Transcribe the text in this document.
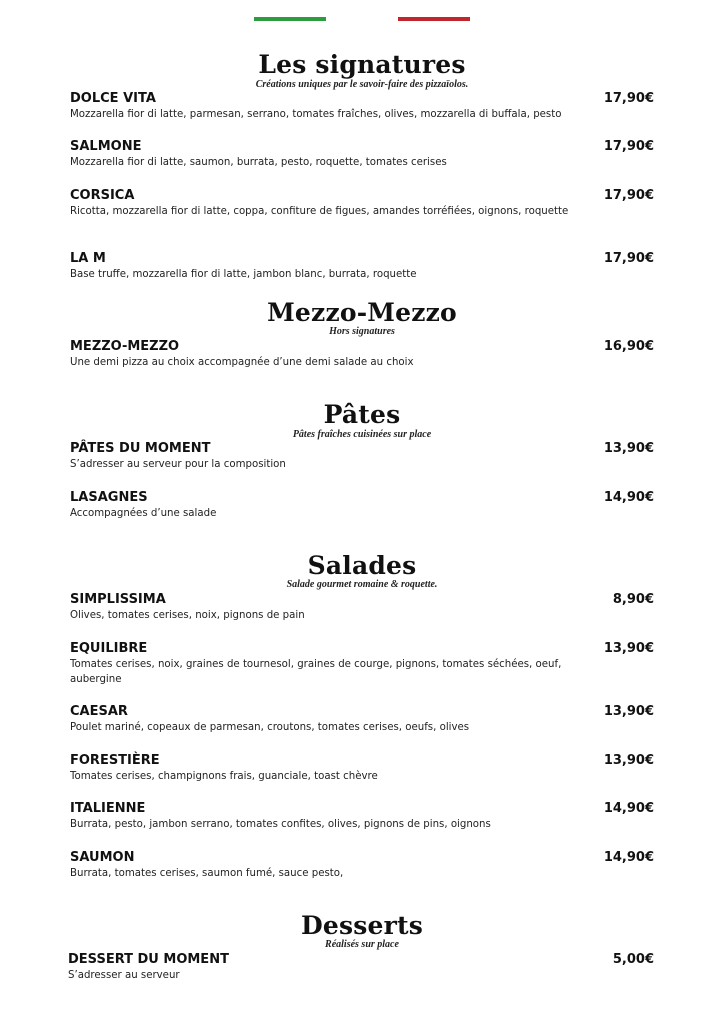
Les signatures
Créations uniques par le savoir-faire des pizzaïolos.
DOLCE VITA	17,90€
Mozzarella fior di latte, parmesan, serrano, tomates fraîches, olives, mozzarella di buffala, pesto
SALMONE	17,90€
Mozzarella fior di latte, saumon, burrata, pesto, roquette, tomates cerises
CORSICA	17,90€
Ricotta, mozzarella fior di latte, coppa, confiture de figues, amandes torréfiées, oignons, roquette
LA M	17,90€
Base truffe, mozzarella fior di latte, jambon blanc, burrata, roquette
Mezzo-Mezzo
Hors signatures
MEZZO-MEZZO	16,90€
Une demi pizza au choix accompagnée d’une demi salade au choix
Pâtes
Pâtes fraîches cuisinées sur place
PÂTES DU MOMENT	13,90€
S’adresser au serveur pour la composition
LASAGNES	14,90€
Accompagnées d’une salade
Salades
Salade gourmet romaine & roquette.
SIMPLISSIMA	8,90€
Olives, tomates cerises, noix, pignons de pain
EQUILIBRE	13,90€
Tomates cerises, noix, graines de tournesol, graines de courge, pignons, tomates séchées, oeuf, aubergine
CAESAR	13,90€
Poulet mariné, copeaux de parmesan, croutons, tomates cerises, oeufs, olives
FORESTIÈRE	13,90€
Tomates cerises, champignons frais, guanciale, toast chèvre
ITALIENNE	14,90€
Burrata, pesto, jambon serrano, tomates confites, olives, pignons de pins, oignons
SAUMON	14,90€
Burrata, tomates cerises, saumon fumé, sauce pesto,
Desserts
Réalisés sur place
DESSERT DU MOMENT	5,00€
S’adresser au serveur
